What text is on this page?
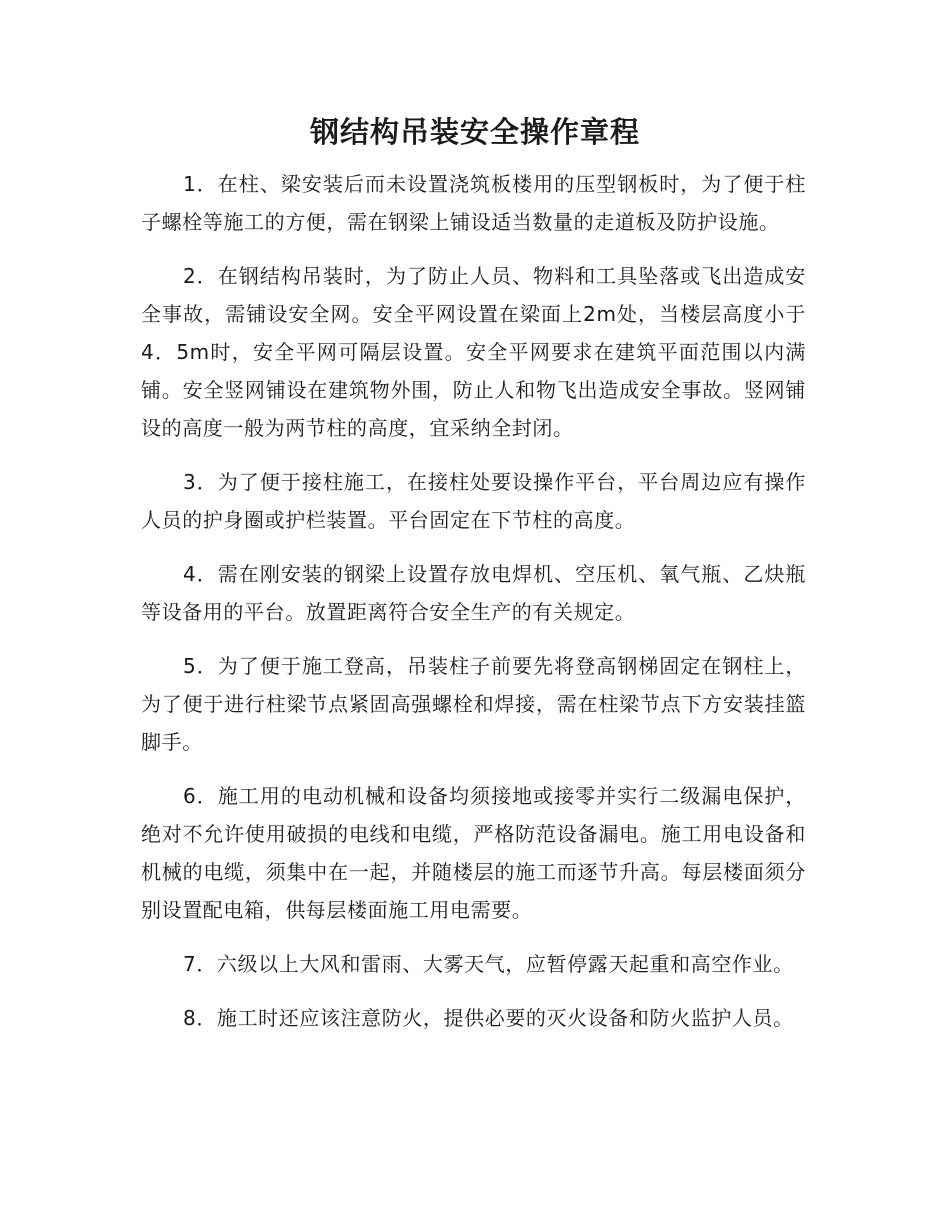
钢结构吊装安全操作章程

1．在柱、梁安装后而未设置浇筑板楼用的压型钢板时，为了便于柱子螺栓等施工的方便，需在钢梁上铺设适当数量的走道板及防护设施。

2．在钢结构吊装时，为了防止人员、物料和工具坠落或飞出造成安全事故，需铺设安全网。安全平网设置在梁面上2m处，当楼层高度小于4．5m时，安全平网可隔层设置。安全平网要求在建筑平面范围以内满铺。安全竖网铺设在建筑物外围，防止人和物飞出造成安全事故。竖网铺设的高度一般为两节柱的高度，宜采纳全封闭。

3．为了便于接柱施工，在接柱处要设操作平台，平台周边应有操作人员的护身圈或护栏装置。平台固定在下节柱的高度。

4．需在刚安装的钢梁上设置存放电焊机、空压机、氧气瓶、乙炔瓶等设备用的平台。放置距离符合安全生产的有关规定。

5．为了便于施工登高，吊装柱子前要先将登高钢梯固定在钢柱上，为了便于进行柱梁节点紧固高强螺栓和焊接，需在柱梁节点下方安装挂篮脚手。

6．施工用的电动机械和设备均须接地或接零并实行二级漏电保护，绝对不允许使用破损的电线和电缆，严格防范设备漏电。施工用电设备和机械的电缆，须集中在一起，并随楼层的施工而逐节升高。每层楼面须分别设置配电箱，供每层楼面施工用电需要。

7．六级以上大风和雷雨、大雾天气，应暂停露天起重和高空作业。

8．施工时还应该注意防火，提供必要的灭火设备和防火监护人员。
